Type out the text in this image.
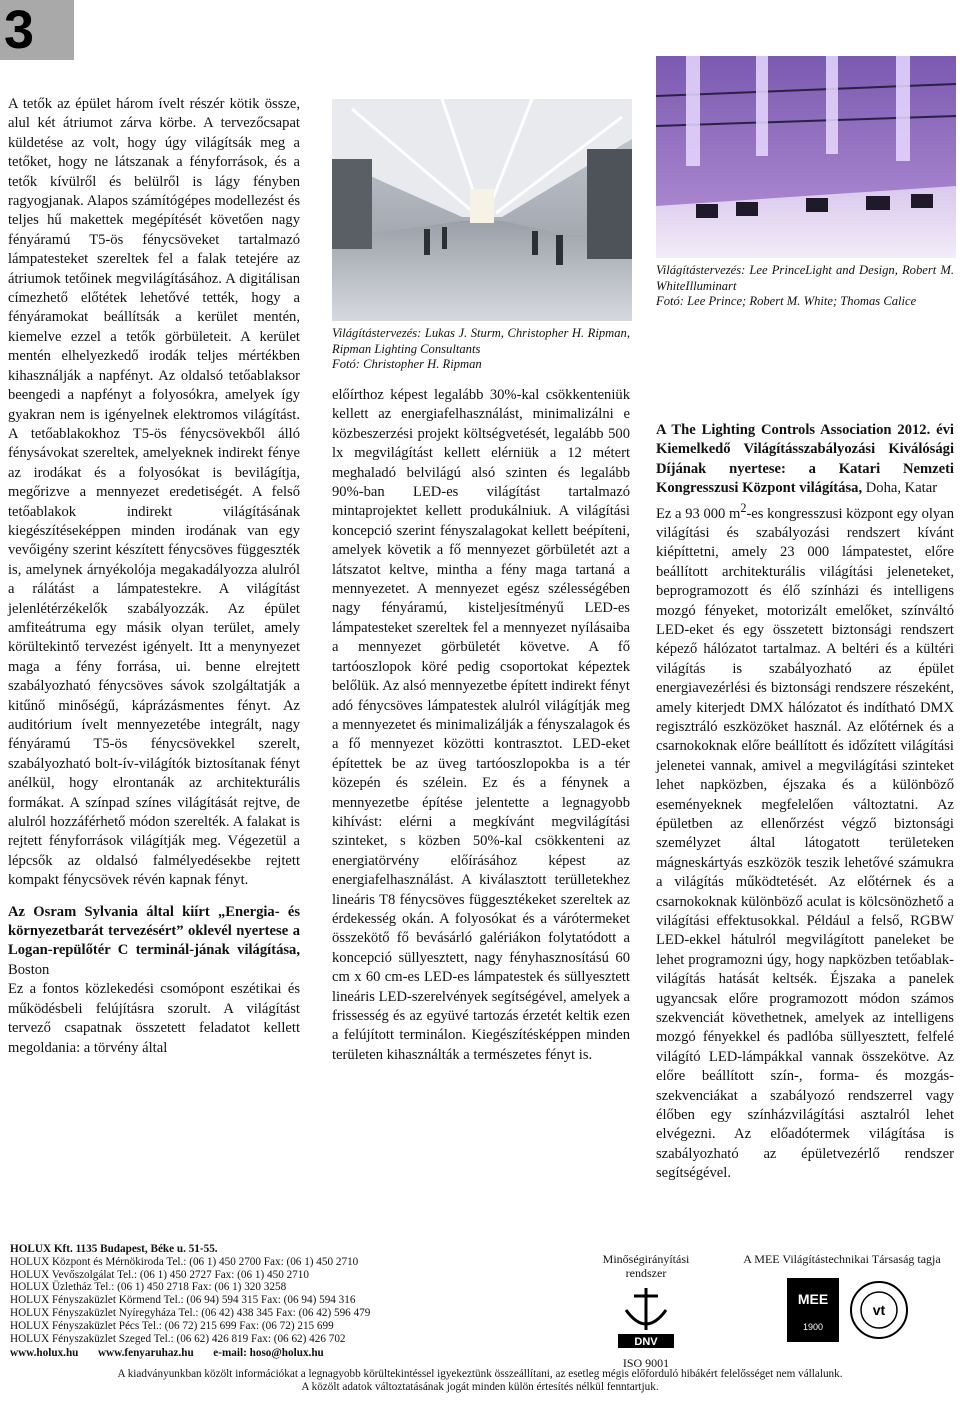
3

A tetők az épület három ívelt részér kötik össze, alul két átriumot zárva körbe. A tervezőcsapat küldetése az volt, hogy úgy világítsák meg a tetőket, hogy ne látszanak a fényforrások, és a tetők kívülről és belülről is lágy fényben ragyogjanak. Alapos számítógépes modellezést és teljes hű makettek megépítését követően nagy fényáramú T5-ös fénycsöveket tartalmazó lámpatesteket szereltek fel a falak tetejére az átriumok tetőinek megvilágításához. A digitálisan címezhető előtétek lehetővé tették, hogy a fényáramokat beállítsák a kerület mentén, kiemelve ezzel a tetők görbületeit. A kerület mentén elhelyezkedő irodák teljes mértékben kihasználják a napfényt. Az oldalsó tetőablaksor beengedi a napfényt a folyosókra, amelyek így gyakran nem is igényelnek elektromos világítást. A tetőablakokhoz T5-ös fénycsövekből álló fénysávokat szereltek, amelyeknek indirekt fénye az irodákat és a folyosókat is bevilágítja, megőrizve a mennyezet eredetiségét. A felső tetőablakok indirekt világításának kiegészítéseképpen minden irodának van egy vevőigény szerint készített fénycsöves függeszték is, amelynek árnyékolója megakadályozza alulról a rálátást a lámpatestekre. A világítást jelenlétérzékelők szabályozzák. Az épület amfiteátruma egy másik olyan terület, amely körültekintő tervezést igényelt. Itt a menynyezet maga a fény forrása, ui. benne elrejtett szabályozható fénycsöves sávok szolgáltatják a kitűnő minőségű, káprázásmentes fényt. Az auditórium ívelt mennyezetébe integrált, nagy fényáramú T5-ös fénycsövekkel szerelt, szabályozható bolt-ív-világítók biztosítanak fényt anélkül, hogy elrontanák az architekturális formákat. A színpad színes világítását rejtve, de alulról hozzáférhető módon szerelték. A falakat is rejtett fényforrások világítják meg. Végezetül a lépcsők az oldalsó falmélyedésekbe rejtett kompakt fénycsövek révén kapnak fényt.

Az Osram Sylvania által kiírt „Energia- és környezetbarát tervezésért” oklevél nyertese a Logan-repülőtér C terminál-jának világítása, Boston

Ez a fontos közlekedési csomópont eszétikai és működésbeli felújításra szorult. A világítást tervező csapatnak összetett feladatot kellett megoldania: a törvény által

Világítástervezés: Lukas J. Sturm, Christopher H. Ripman, Ripman Lighting Consultants
Fotó: Christopher H. Ripman

előírthoz képest legalább 30%-kal csökkenteniük kellett az energiafelhasználást, minimalizálni e közbeszerzési projekt költségvetését, legalább 500 lx megvilágítást kellett elérniük a 12 métert meghaladó belvilágú alsó szinten és legalább 90%-ban LED-es világítást tartalmazó mintaprojektet kellett produkálniuk. A világítási koncepció szerint fényszalagokat kellett beépíteni, amelyek követik a fő mennyezet görbületét azt a látszatot keltve, mintha a fény maga tartaná a mennyezetet. A mennyezet egész szélességében nagy fényáramú, kisteljesítményű LED-es lámpatesteket szereltek fel a mennyezet nyílásaiba a mennyezet görbületét követve. A fő tartóoszlopok köré pedig csoportokat képeztek belőlük. Az alsó mennyezetbe épített indirekt fényt adó fénycsöves lámpatestek alulról világítják meg a mennyezetet és minimalizálják a fényszalagok és a fő mennyezet közötti kontrasztot. LED-eket építettek be az üveg tartóoszlopokba is a tér közepén és szélein. Ez és a fénynek a mennyezetbe építése jelentette a legnagyobb kihívást: elérni a megkívánt megvilágítási szinteket, s közben 50%-kal csökkenteni az energiatörvény előírásához képest az energiafelhasználást. A kiválasztott terülletekhez lineáris T8 fénycsöves függesztékeket szereltek az érdekesség okán. A folyosókat és a várótermeket összekötő fő bevásárló galériákon folytatódott a koncepció süllyesztett, nagy fényhasznosítású 60 cm x 60 cm-es LED-es lámpatestek és süllyesztett lineáris LED-szerelvények segítségével, amelyek a frissesség és az együvé tartozás érzetét keltik ezen a felújított terminálon. Kiegészítésképpen minden területen kihasználták a természetes fényt is.

Világítástervezés: Lee PrinceLight and Design, Robert M. WhiteIlluminart
Fotó: Lee Prince; Robert M. White; Thomas Calice

A The Lighting Controls Association 2012. évi Kiemelkedő Világításszabályozási Kiválósági Díjának nyertese: a Katari Nemzeti Kongresszusi Központ világítása, Doha, Katar

Ez a 93 000 $m^2-es$ kongresszusi központ egy olyan világítási és szabályozási rendszert kívánt kiépíttetni, amely 23 000 lámpatestet, előre beállított architekturális világítási jeleneteket, beprogramozott és élő színházi és intelligens mozgó fényeket, motorizált emelőket, színváltó LED-eket és egy összetett biztonsági rendszert képező hálózatot tartalmaz. A beltéri és a kültéri világítás is szabályozható az épület energiavezérlési és biztonsági rendszere részeként, amely kiterjedt DMX hálózatot és indítható DMX regisztráló eszközöket használ. Az előtérnek és a csarnokoknak előre beállított és időzített világítási jelenetei vannak, amivel a megvilágítási szinteket lehet napközben, éjszaka és a különböző eseményeknek megfelelően változtatni. Az épületben az ellenőrzést végző biztonsági személyzet által látogatott területeken mágneskártyás eszközök teszik lehetővé számukra a világítás működtetését. Az előtérnek és a csarnokoknak különböző aculat is kölcsönözhető a világítási effektusokkal. Például a felső, RGBW LED-ekkel hátulról megvilágított paneleket be lehet programozni úgy, hogy napközben tetőablak-világítás hatását keltsék. Éjszaka a panelek ugyancsak előre programozott módon számos szekvenciát követhetnek, amelyek az intelligens mozgó fényekkel és padlóba süllyesztett, felfelé világító LED-lámpákkal vannak összekötve. Az előre beállított szín-, forma- és mozgás-szekvenciákat a szabályozó rendszerrel vagy élőben egy színházvilágítási asztalról lehet elvégezni. Az előadótermek világítása is szabályozható az épületvezérlő rendszer segítségével.

HOLUX Kft. 1135 Budapest, Béke u. 51-55.
HOLUX Központ és Mérnökiroda Tel.: (06 1) 450 2700 Fax: (06 1) 450 2710
HOLUX Vevőszolgálat Tel.: (06 1) 450 2727 Fax: (06 1) 450 2710
HOLUX Üzletház Tel.: (06 1) 450 2718 Fax: (06 1) 320 3258
HOLUX Fényszaküzlet Körmend Tel.: (06 94) 594 315 Fax: (06 94) 594 316
HOLUX Fényszaküzlet Nyíregyháza Tel.: (06 42) 438 345 Fax: (06 42) 596 479
HOLUX Fényszaküzlet Pécs Tel.: (06 72) 215 699 Fax: (06 72) 215 699
HOLUX Fényszaküzlet Szeged Tel.: (06 62) 426 819 Fax: (06 62) 426 702
www.holux.hu       www.fenyaruhaz.hu       e-mail: hoso@holux.hu
Minőségirányítási rendszer
DNV
ISO 9001
A MEE Világítástechnikai Társaság tagja
MEE
1900
vt
A kiadványunkban közölt információkat a legnagyobb körültekintéssel igyekeztünk összeállítani, az esetleg mégis előforduló hibákért felelősséget nem vállalunk.
A közölt adatok változtatásának jogát minden külön értesítés nélkül fenntartjuk.
